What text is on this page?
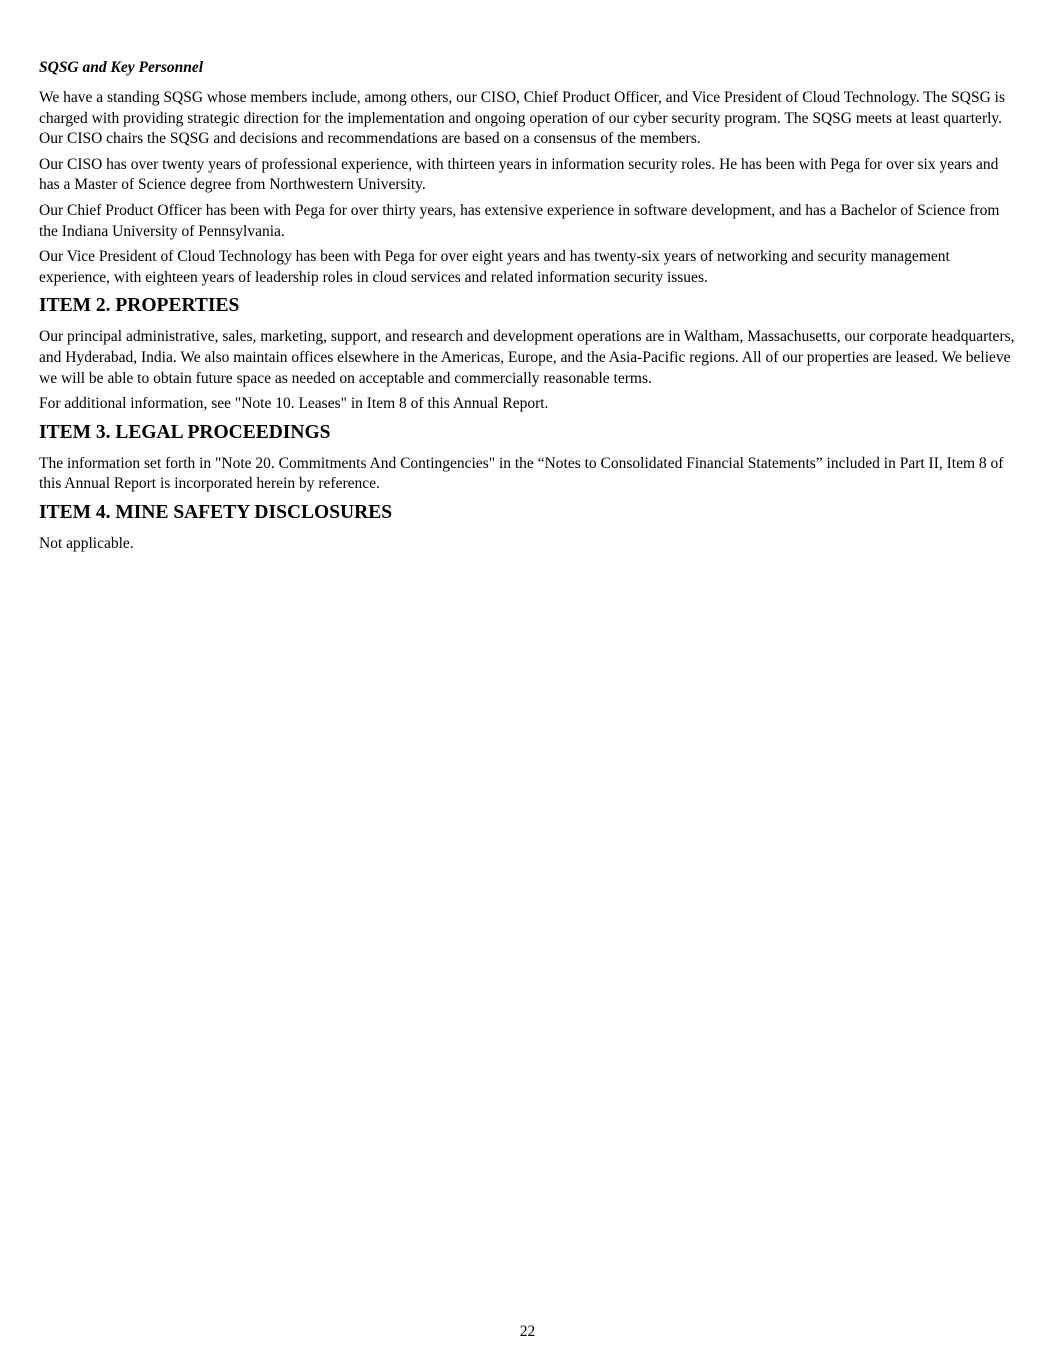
SQSG and Key Personnel

We have a standing SQSG whose members include, among others, our CISO, Chief Product Officer, and Vice President of Cloud Technology. The SQSG is charged with providing strategic direction for the implementation and ongoing operation of our cyber security program. The SQSG meets at least quarterly. Our CISO chairs the SQSG and decisions and recommendations are based on a consensus of the members.

Our CISO has over twenty years of professional experience, with thirteen years in information security roles. He has been with Pega for over six years and has a Master of Science degree from Northwestern University.

Our Chief Product Officer has been with Pega for over thirty years, has extensive experience in software development, and has a Bachelor of Science from the Indiana University of Pennsylvania.

Our Vice President of Cloud Technology has been with Pega for over eight years and has twenty-six years of networking and security management experience, with eighteen years of leadership roles in cloud services and related information security issues.

ITEM 2. PROPERTIES

Our principal administrative, sales, marketing, support, and research and development operations are in Waltham, Massachusetts, our corporate headquarters, and Hyderabad, India. We also maintain offices elsewhere in the Americas, Europe, and the Asia-Pacific regions. All of our properties are leased. We believe we will be able to obtain future space as needed on acceptable and commercially reasonable terms.

For additional information, see "Note 10. Leases" in Item 8 of this Annual Report.

ITEM 3. LEGAL PROCEEDINGS

The information set forth in "Note 20. Commitments And Contingencies" in the “Notes to Consolidated Financial Statements” included in Part II, Item 8 of this Annual Report is incorporated herein by reference.

ITEM 4. MINE SAFETY DISCLOSURES

Not applicable.

22
